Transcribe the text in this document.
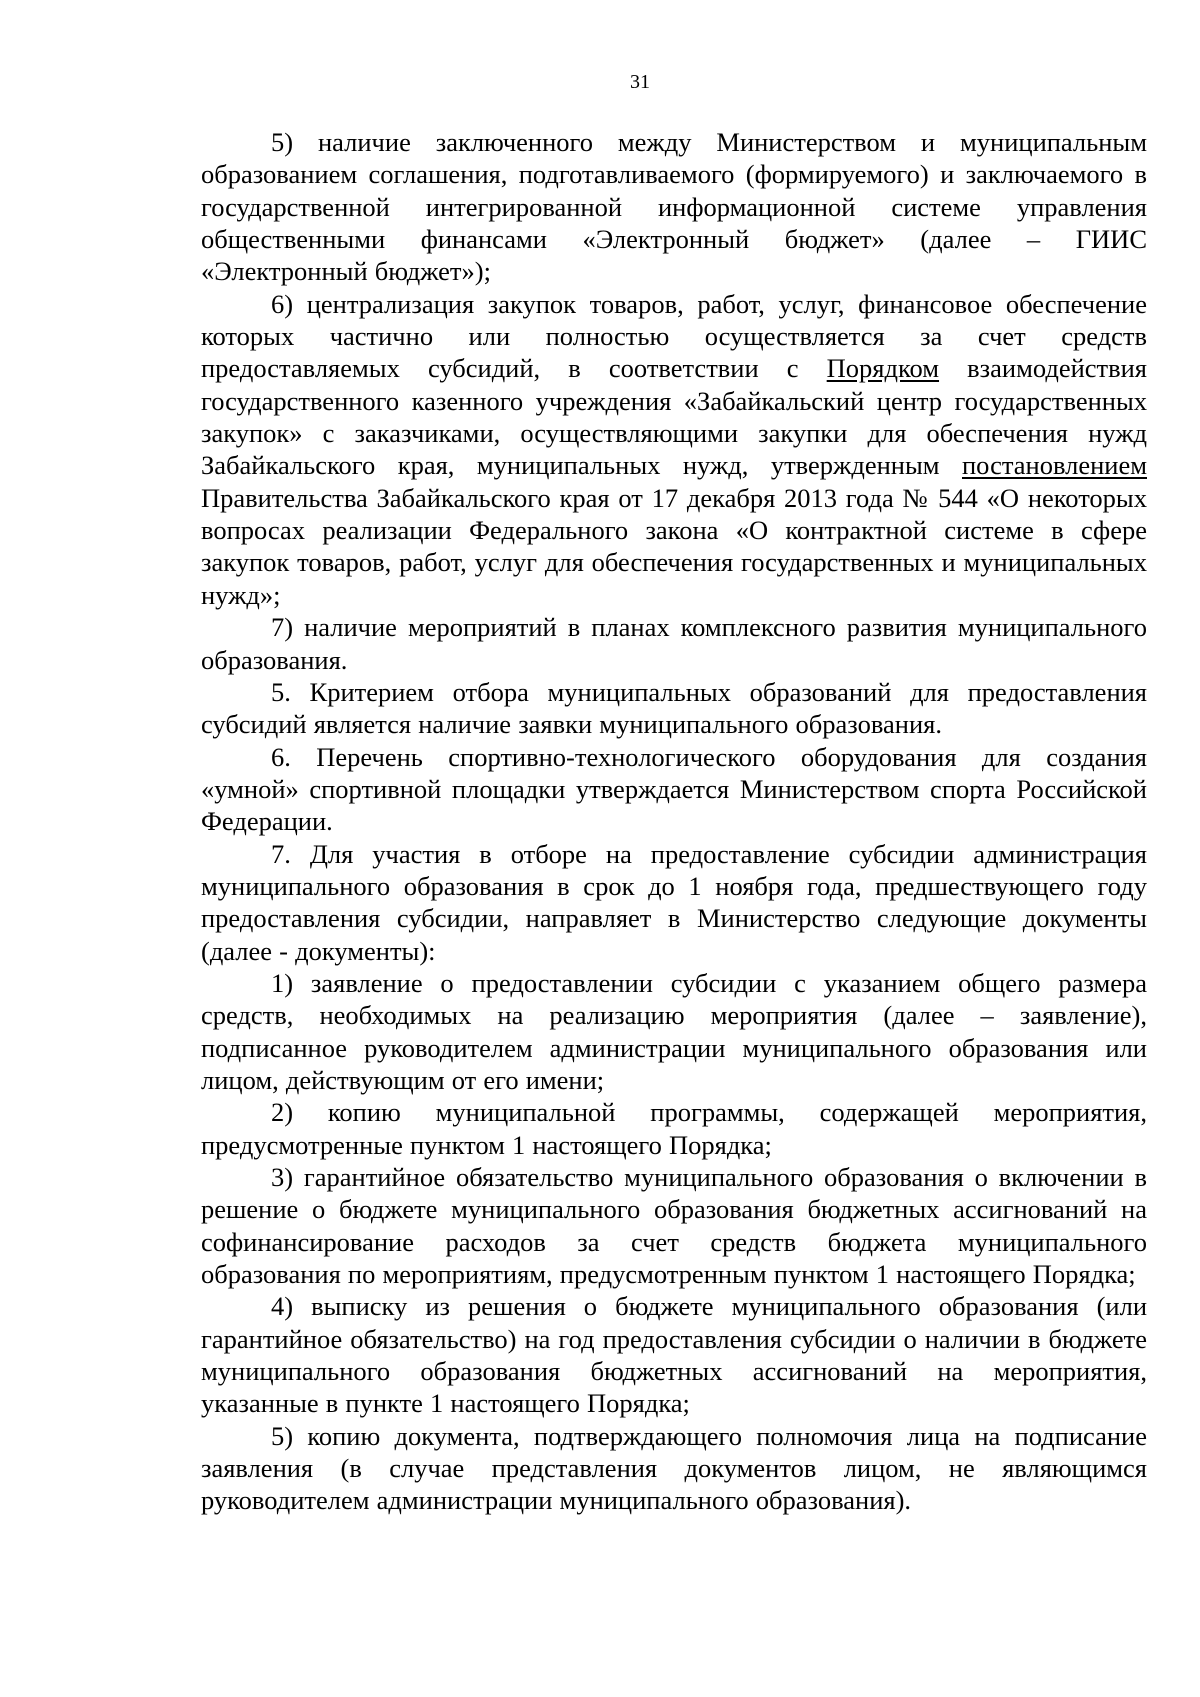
31

5) наличие заключенного между Министерством и муниципальным образованием соглашения, подготавливаемого (формируемого) и заключаемого в государственной интегрированной информационной системе управления общественными финансами «Электронный бюджет» (далее – ГИИС «Электронный бюджет»);

6) централизация закупок товаров, работ, услуг, финансовое обеспечение которых частично или полностью осуществляется за счет средств предоставляемых субсидий, в соответствии с Порядком взаимодействия государственного казенного учреждения «Забайкальский центр государственных закупок» с заказчиками, осуществляющими закупки для обеспечения нужд Забайкальского края, муниципальных нужд, утвержденным постановлением Правительства Забайкальского края от 17 декабря 2013 года № 544 «О некоторых вопросах реализации Федерального закона «О контрактной системе в сфере закупок товаров, работ, услуг для обеспечения государственных и муниципальных нужд»;

7) наличие мероприятий в планах комплексного развития муниципального образования.

5. Критерием отбора муниципальных образований для предоставления субсидий является наличие заявки муниципального образования.

6. Перечень спортивно-технологического оборудования для создания «умной» спортивной площадки утверждается Министерством спорта Российской Федерации.

7. Для участия в отборе на предоставление субсидии администрация муниципального образования в срок до 1 ноября года, предшествующего году предоставления субсидии, направляет в Министерство следующие документы (далее - документы):

1) заявление о предоставлении субсидии с указанием общего размера средств, необходимых на реализацию мероприятия (далее – заявление), подписанное руководителем администрации муниципального образования или лицом, действующим от его имени;

2) копию муниципальной программы, содержащей мероприятия, предусмотренные пунктом 1 настоящего Порядка;

3) гарантийное обязательство муниципального образования о включении в решение о бюджете муниципального образования бюджетных ассигнований на софинансирование расходов за счет средств бюджета муниципального образования по мероприятиям, предусмотренным пунктом 1 настоящего Порядка;

4) выписку из решения о бюджете муниципального образования (или гарантийное обязательство) на год предоставления субсидии о наличии в бюджете муниципального образования бюджетных ассигнований на мероприятия, указанные в пункте 1 настоящего Порядка;

5) копию документа, подтверждающего полномочия лица на подписание заявления (в случае представления документов лицом, не являющимся руководителем администрации муниципального образования).
